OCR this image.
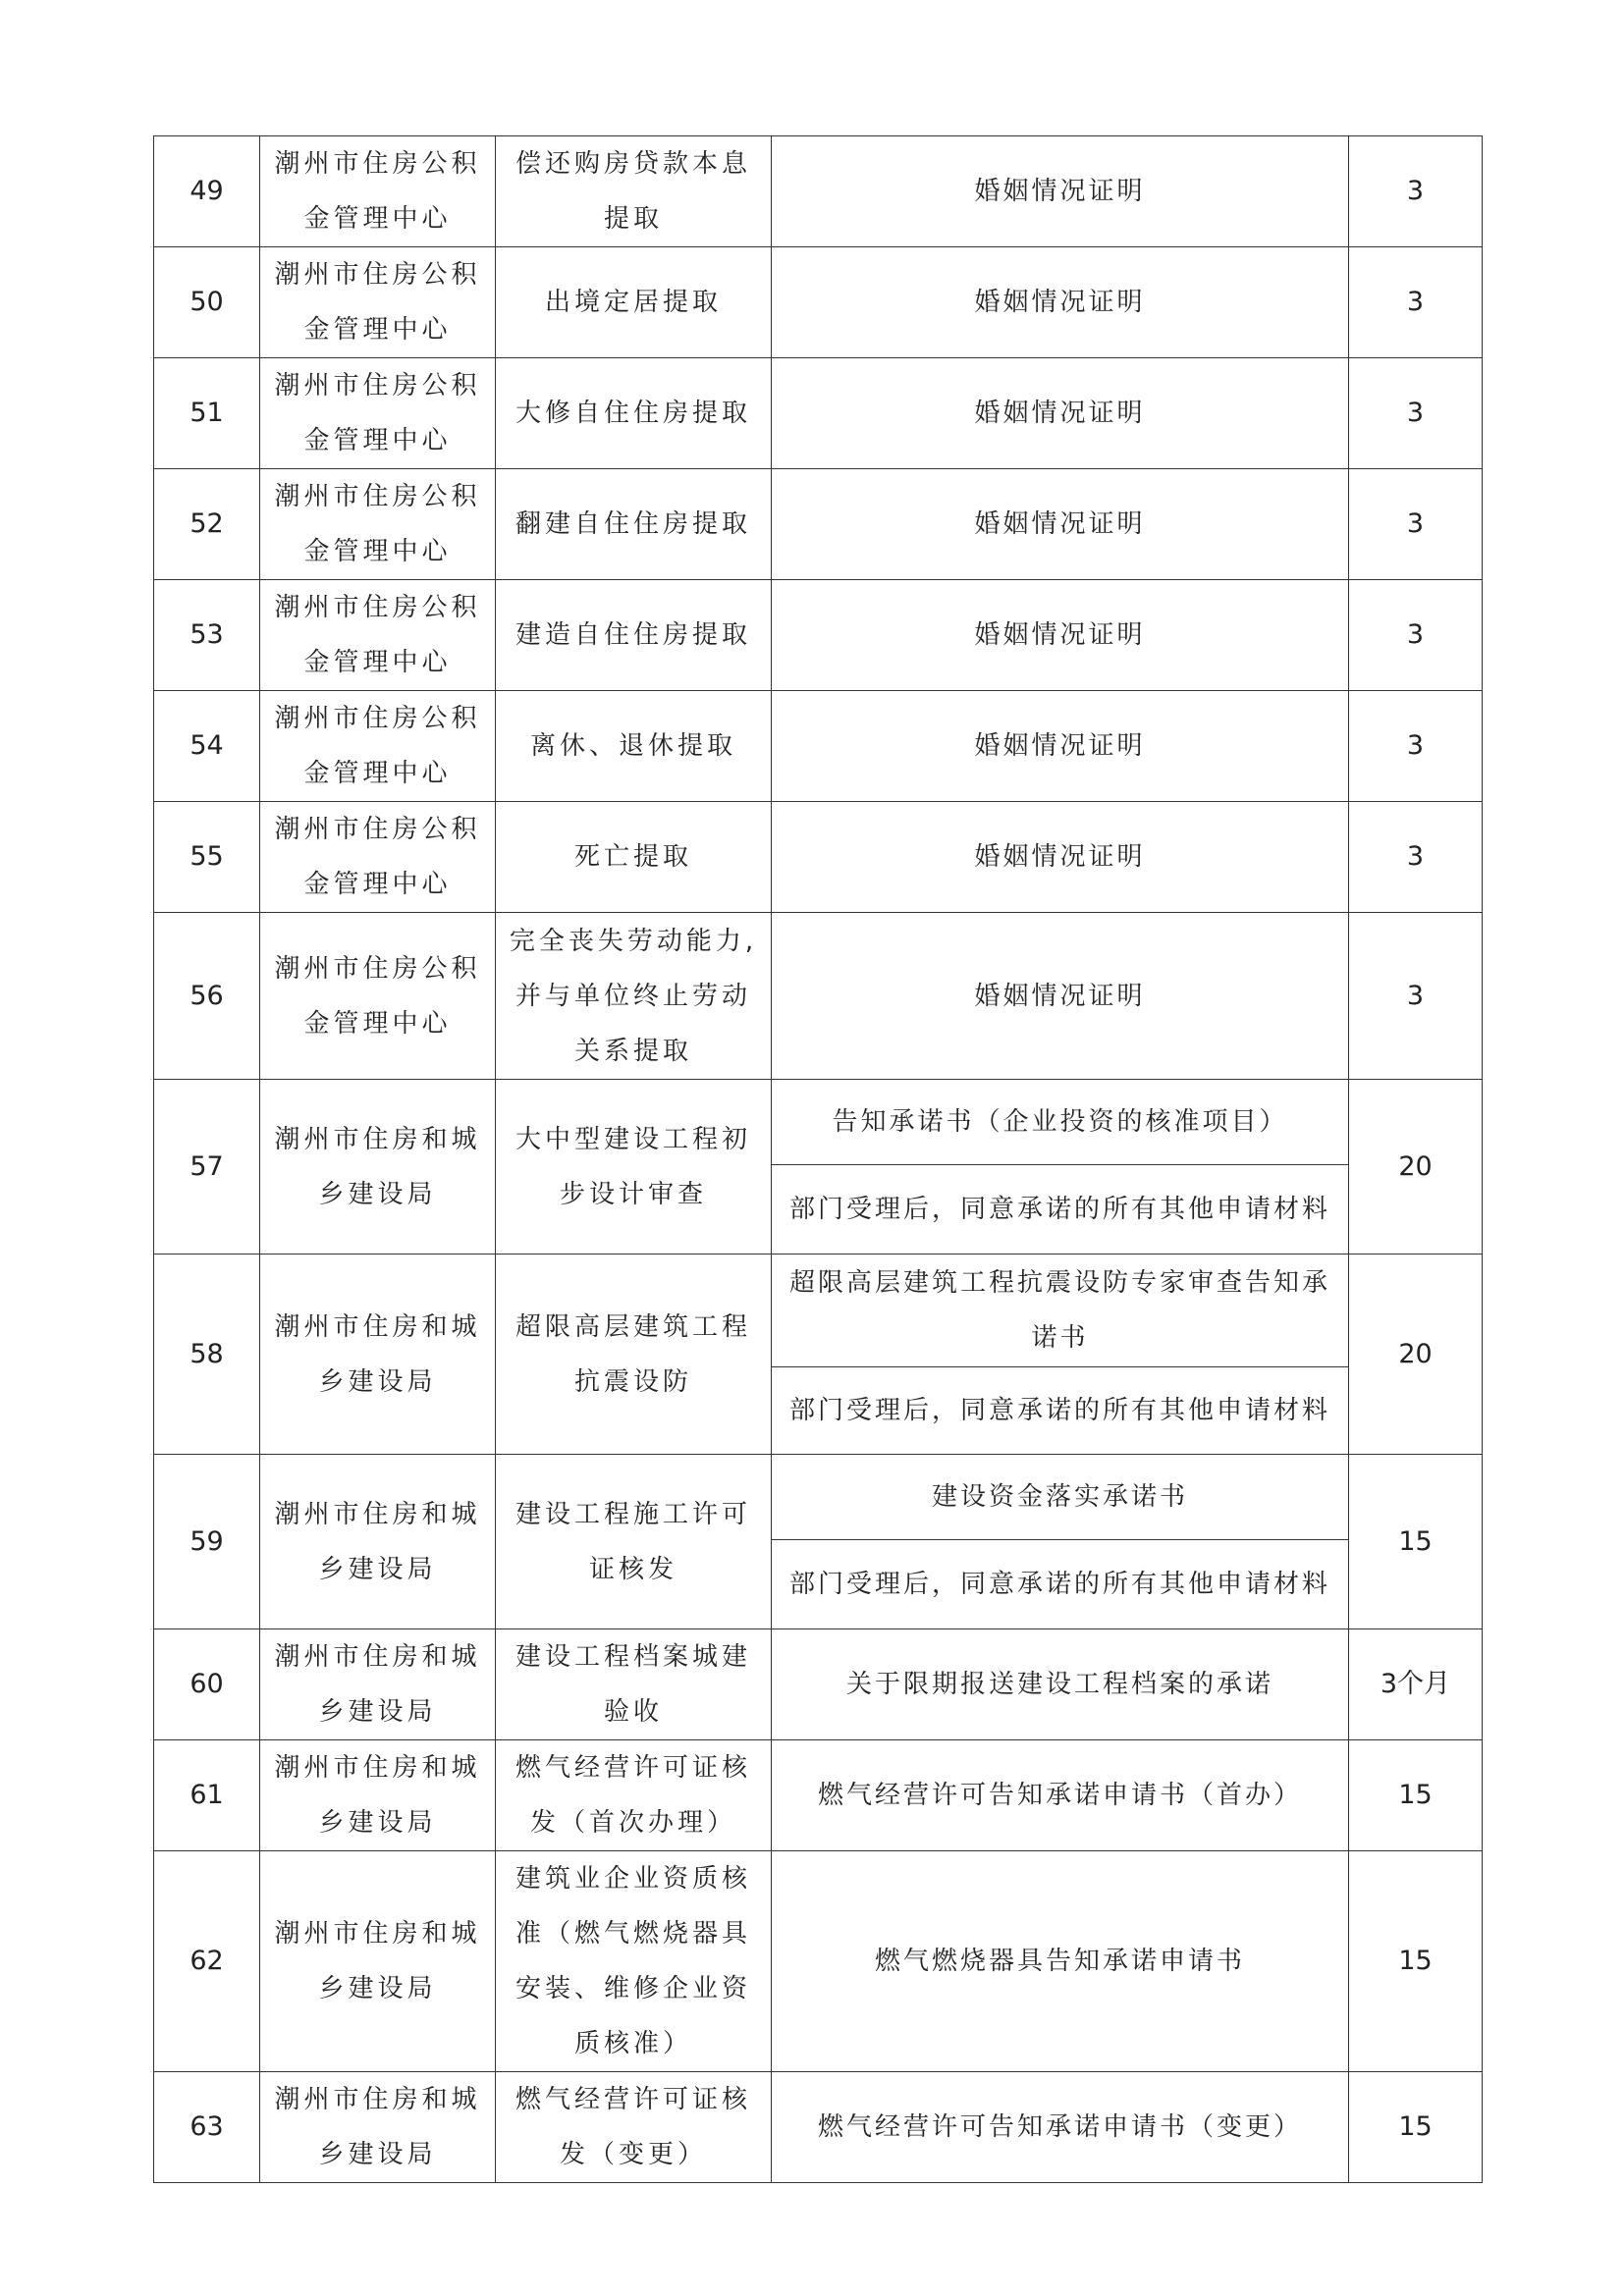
49	潮州市住房公积金管理中心	偿还购房贷款本息提取	婚姻情况证明	3
50	潮州市住房公积金管理中心	出境定居提取	婚姻情况证明	3
51	潮州市住房公积金管理中心	大修自住住房提取	婚姻情况证明	3
52	潮州市住房公积金管理中心	翻建自住住房提取	婚姻情况证明	3
53	潮州市住房公积金管理中心	建造自住住房提取	婚姻情况证明	3
54	潮州市住房公积金管理中心	离休、退休提取	婚姻情况证明	3
55	潮州市住房公积金管理中心	死亡提取	婚姻情况证明	3
56	潮州市住房公积金管理中心	完全丧失劳动能力,并与单位终止劳动关系提取	婚姻情况证明	3
57	潮州市住房和城乡建设局	大中型建设工程初步设计审查	告知承诺书（企业投资的核准项目）	20
			部门受理后，同意承诺的所有其他申请材料	
58	潮州市住房和城乡建设局	超限高层建筑工程抗震设防	超限高层建筑工程抗震设防专家审查告知承诺书	20
			部门受理后，同意承诺的所有其他申请材料	
59	潮州市住房和城乡建设局	建设工程施工许可证核发	建设资金落实承诺书	15
			部门受理后，同意承诺的所有其他申请材料	
60	潮州市住房和城乡建设局	建设工程档案城建验收	关于限期报送建设工程档案的承诺	3个月
61	潮州市住房和城乡建设局	燃气经营许可证核发（首次办理）	燃气经营许可告知承诺申请书（首办）	15
62	潮州市住房和城乡建设局	建筑业企业资质核准（燃气燃烧器具安装、维修企业资质核准）	燃气燃烧器具告知承诺申请书	15
63	潮州市住房和城乡建设局	燃气经营许可证核发（变更）	燃气经营许可告知承诺申请书（变更）	15
